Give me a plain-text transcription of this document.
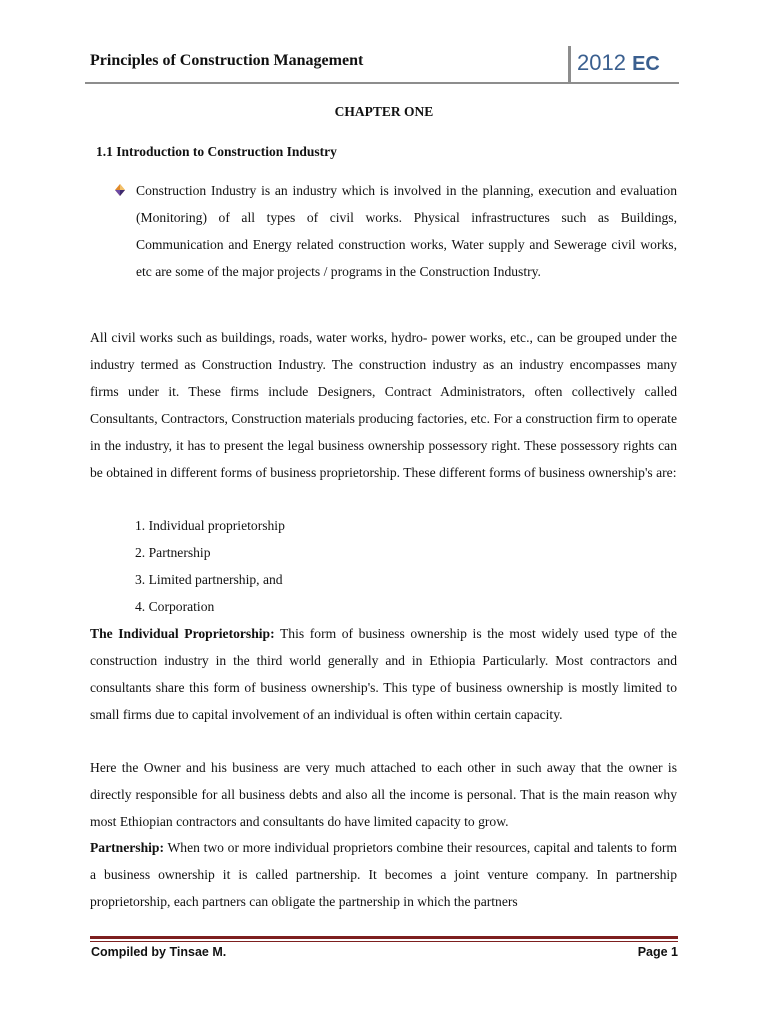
Principles of Construction Management	2012 EC
CHAPTER ONE
1.1 Introduction to Construction Industry

Construction Industry is an industry which is involved in the planning, execution and evaluation (Monitoring) of all types of civil works. Physical infrastructures such as Buildings, Communication and Energy related construction works, Water supply and Sewerage civil works, etc are some of the major projects / programs in the Construction Industry.

All civil works such as buildings, roads, water works, hydro- power works, etc., can be grouped under the industry termed as Construction Industry. The construction industry as an industry encompasses many firms under it. These firms include Designers, Contract Administrators, often collectively called Consultants, Contractors, Construction materials producing factories, etc. For a construction firm to operate in the industry, it has to present the legal business ownership possessory right. These possessory rights can be obtained in different forms of business proprietorship. These different forms of business ownership's are:

1. Individual proprietorship
2. Partnership
3. Limited partnership, and
4. Corporation

The Individual Proprietorship: This form of business ownership is the most widely used type of the construction industry in the third world generally and in Ethiopia Particularly. Most contractors and consultants share this form of business ownership's. This type of business ownership is mostly limited to small firms due to capital involvement of an individual is often within certain capacity.

Here the Owner and his business are very much attached to each other in such away that the owner is directly responsible for all business debts and also all the income is personal. That is the main reason why most Ethiopian contractors and consultants do have limited capacity to grow.

Partnership: When two or more individual proprietors combine their resources, capital and talents to form a business ownership it is called partnership. It becomes a joint venture company. In partnership proprietorship, each partners can obligate the partnership in which the partners

Compiled by Tinsae M.	Page 1
